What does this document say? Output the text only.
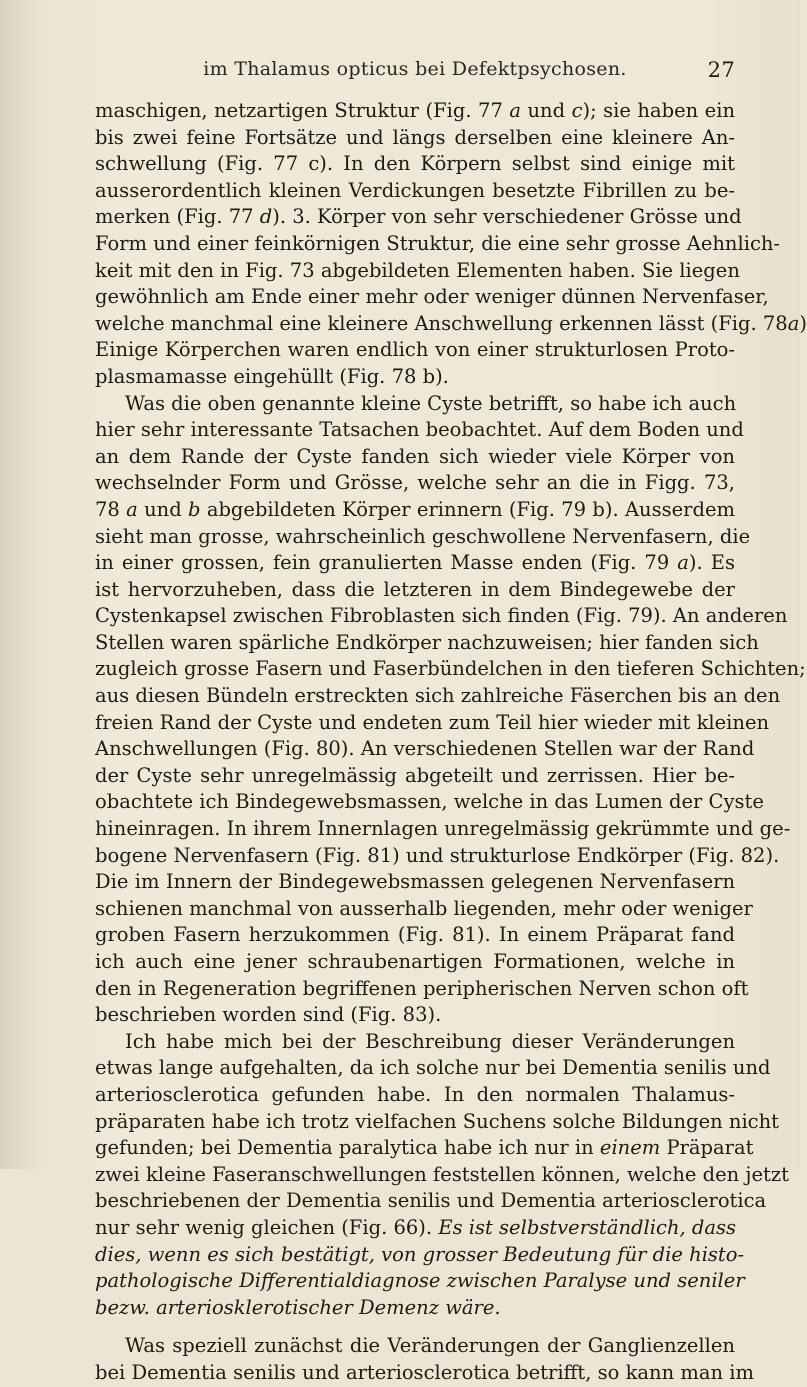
im Thalamus opticus bei Defektpsychosen.	27

maschigen, netzartigen Struktur (Fig. 77 a und c); sie haben ein
bis zwei feine Fortsätze und längs derselben eine kleinere An-
schwellung (Fig. 77 c). In den Körpern selbst sind einige mit
ausserordentlich kleinen Verdickungen besetzte Fibrillen zu be-
merken (Fig. 77 d). 3. Körper von sehr verschiedener Grösse und
Form und einer feinkörnigen Struktur, die eine sehr grosse Aehnlich-
keit mit den in Fig. 73 abgebildeten Elementen haben. Sie liegen
gewöhnlich am Ende einer mehr oder weniger dünnen Nervenfaser,
welche manchmal eine kleinere Anschwellung erkennen lässt (Fig. 78a)
Einige Körperchen waren endlich von einer strukturlosen Proto-
plasmamasse eingehüllt (Fig. 78 b).

Was die oben genannte kleine Cyste betrifft, so habe ich auch
hier sehr interessante Tatsachen beobachtet. Auf dem Boden und
an dem Rande der Cyste fanden sich wieder viele Körper von
wechselnder Form und Grösse, welche sehr an die in Figg. 73,
78 a und b abgebildeten Körper erinnern (Fig. 79 b). Ausserdem
sieht man grosse, wahrscheinlich geschwollene Nervenfasern, die
in einer grossen, fein granulierten Masse enden (Fig. 79 a). Es
ist hervorzuheben, dass die letzteren in dem Bindegewebe der
Cystenkapsel zwischen Fibroblasten sich finden (Fig. 79). An anderen
Stellen waren spärliche Endkörper nachzuweisen; hier fanden sich
zugleich grosse Fasern und Faserbündelchen in den tieferen Schichten;
aus diesen Bündeln erstreckten sich zahlreiche Fäserchen bis an den
freien Rand der Cyste und endeten zum Teil hier wieder mit kleinen
Anschwellungen (Fig. 80). An verschiedenen Stellen war der Rand
der Cyste sehr unregelmässig abgeteilt und zerrissen. Hier be-
obachtete ich Bindegewebsmassen, welche in das Lumen der Cyste
hineinragen. In ihrem Innernlagen unregelmässig gekrümmte und ge-
bogene Nervenfasern (Fig. 81) und strukturlose Endkörper (Fig. 82).
Die im Innern der Bindegewebsmassen gelegenen Nervenfasern
schienen manchmal von ausserhalb liegenden, mehr oder weniger
groben Fasern herzukommen (Fig. 81). In einem Präparat fand
ich auch eine jener schraubenartigen Formationen, welche in
den in Regeneration begriffenen peripherischen Nerven schon oft
beschrieben worden sind (Fig. 83).

Ich habe mich bei der Beschreibung dieser Veränderungen
etwas lange aufgehalten, da ich solche nur bei Dementia senilis und
arteriosclerotica gefunden habe. In den normalen Thalamus-
präparaten habe ich trotz vielfachen Suchens solche Bildungen nicht
gefunden; bei Dementia paralytica habe ich nur in einem Präparat
zwei kleine Faseranschwellungen feststellen können, welche den jetzt
beschriebenen der Dementia senilis und Dementia arteriosclerotica
nur sehr wenig gleichen (Fig. 66). Es ist selbstverständlich, dass
dies, wenn es sich bestätigt, von grosser Bedeutung für die histo-
pathologische Differentialdiagnose zwischen Paralyse und seniler
bezw. arteriosklerotischer Demenz wäre.

Was speziell zunächst die Veränderungen der Ganglienzellen
bei Dementia senilis und arteriosclerotica betrifft, so kann man im
